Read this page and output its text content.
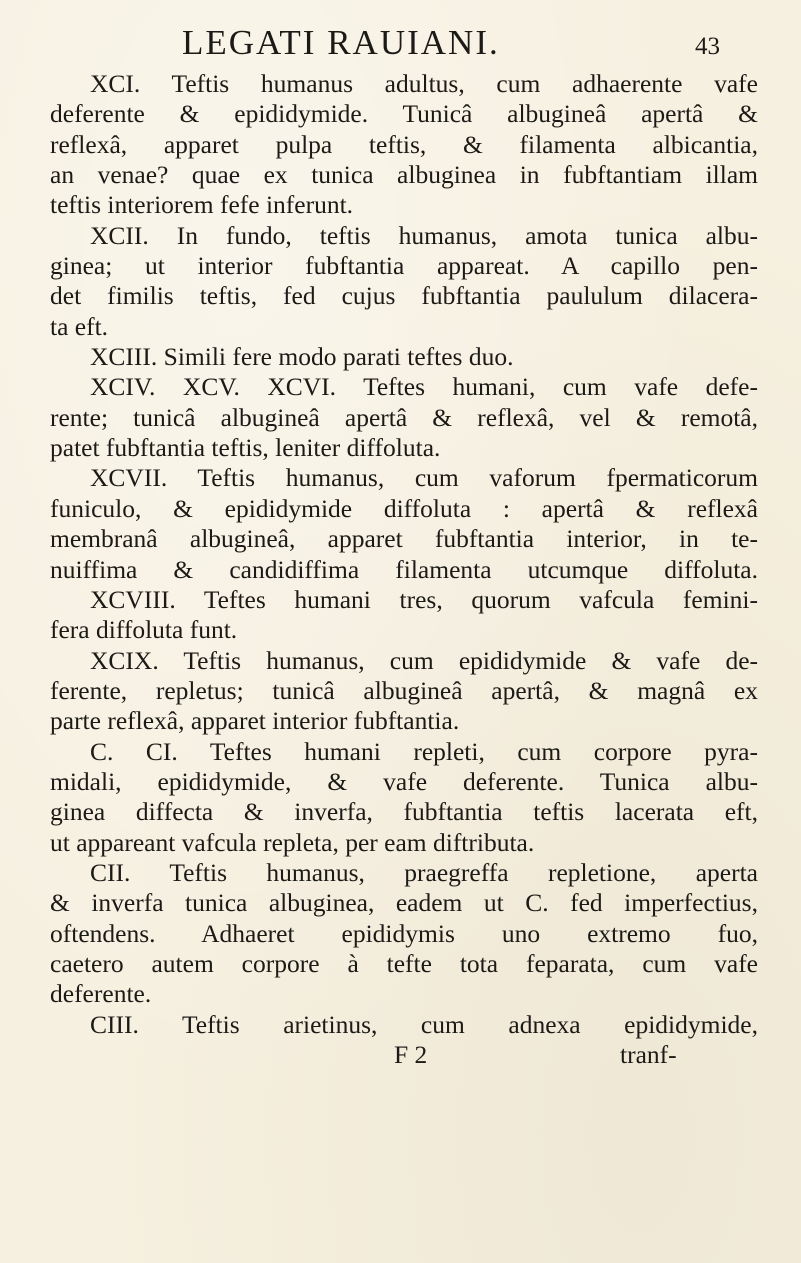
LEGATI RAUIANI.	43
XCI. Teftis humanus adultus, cum adhaerente vafe
deferente & epididymide. Tunicâ albugineâ apertâ &
reflexâ, apparet pulpa teftis, & filamenta albicantia,
an venae? quae ex tunica albuginea in fubftantiam illam
teftis interiorem fefe inferunt.
XCII. In fundo, teftis humanus, amota tunica albu-
ginea; ut interior fubftantia appareat. A capillo pen-
det fimilis teftis, fed cujus fubftantia paululum dilacera-
ta eft.
XCIII. Simili fere modo parati teftes duo.
XCIV. XCV. XCVI. Teftes humani, cum vafe defe-
rente; tunicâ albugineâ apertâ & reflexâ, vel & remotâ,
patet fubftantia teftis, leniter diffoluta.
XCVII. Teftis humanus, cum vaforum fpermaticorum
funiculo, & epididymide diffoluta : apertâ & reflexâ
membranâ albugineâ, apparet fubftantia interior, in te-
nuiffima & candidiffima filamenta utcumque diffoluta.
XCVIII. Teftes humani tres, quorum vafcula femini-
fera diffoluta funt.
XCIX. Teftis humanus, cum epididymide & vafe de-
ferente, repletus; tunicâ albugineâ apertâ, & magnâ ex
parte reflexâ, apparet interior fubftantia.
C. CI. Teftes humani repleti, cum corpore pyra-
midali, epididymide, & vafe deferente. Tunica albu-
ginea diffecta & inverfa, fubftantia teftis lacerata eft,
ut appareant vafcula repleta, per eam diftributa.
CII. Teftis humanus, praegreffa repletione, aperta
& inverfa tunica albuginea, eadem ut C. fed imperfectius,
oftendens. Adhaeret epididymis uno extremo fuo,
caetero autem corpore à tefte tota feparata, cum vafe
deferente.
CIII. Teftis arietinus, cum adnexa epididymide,
F 2	tranf-
